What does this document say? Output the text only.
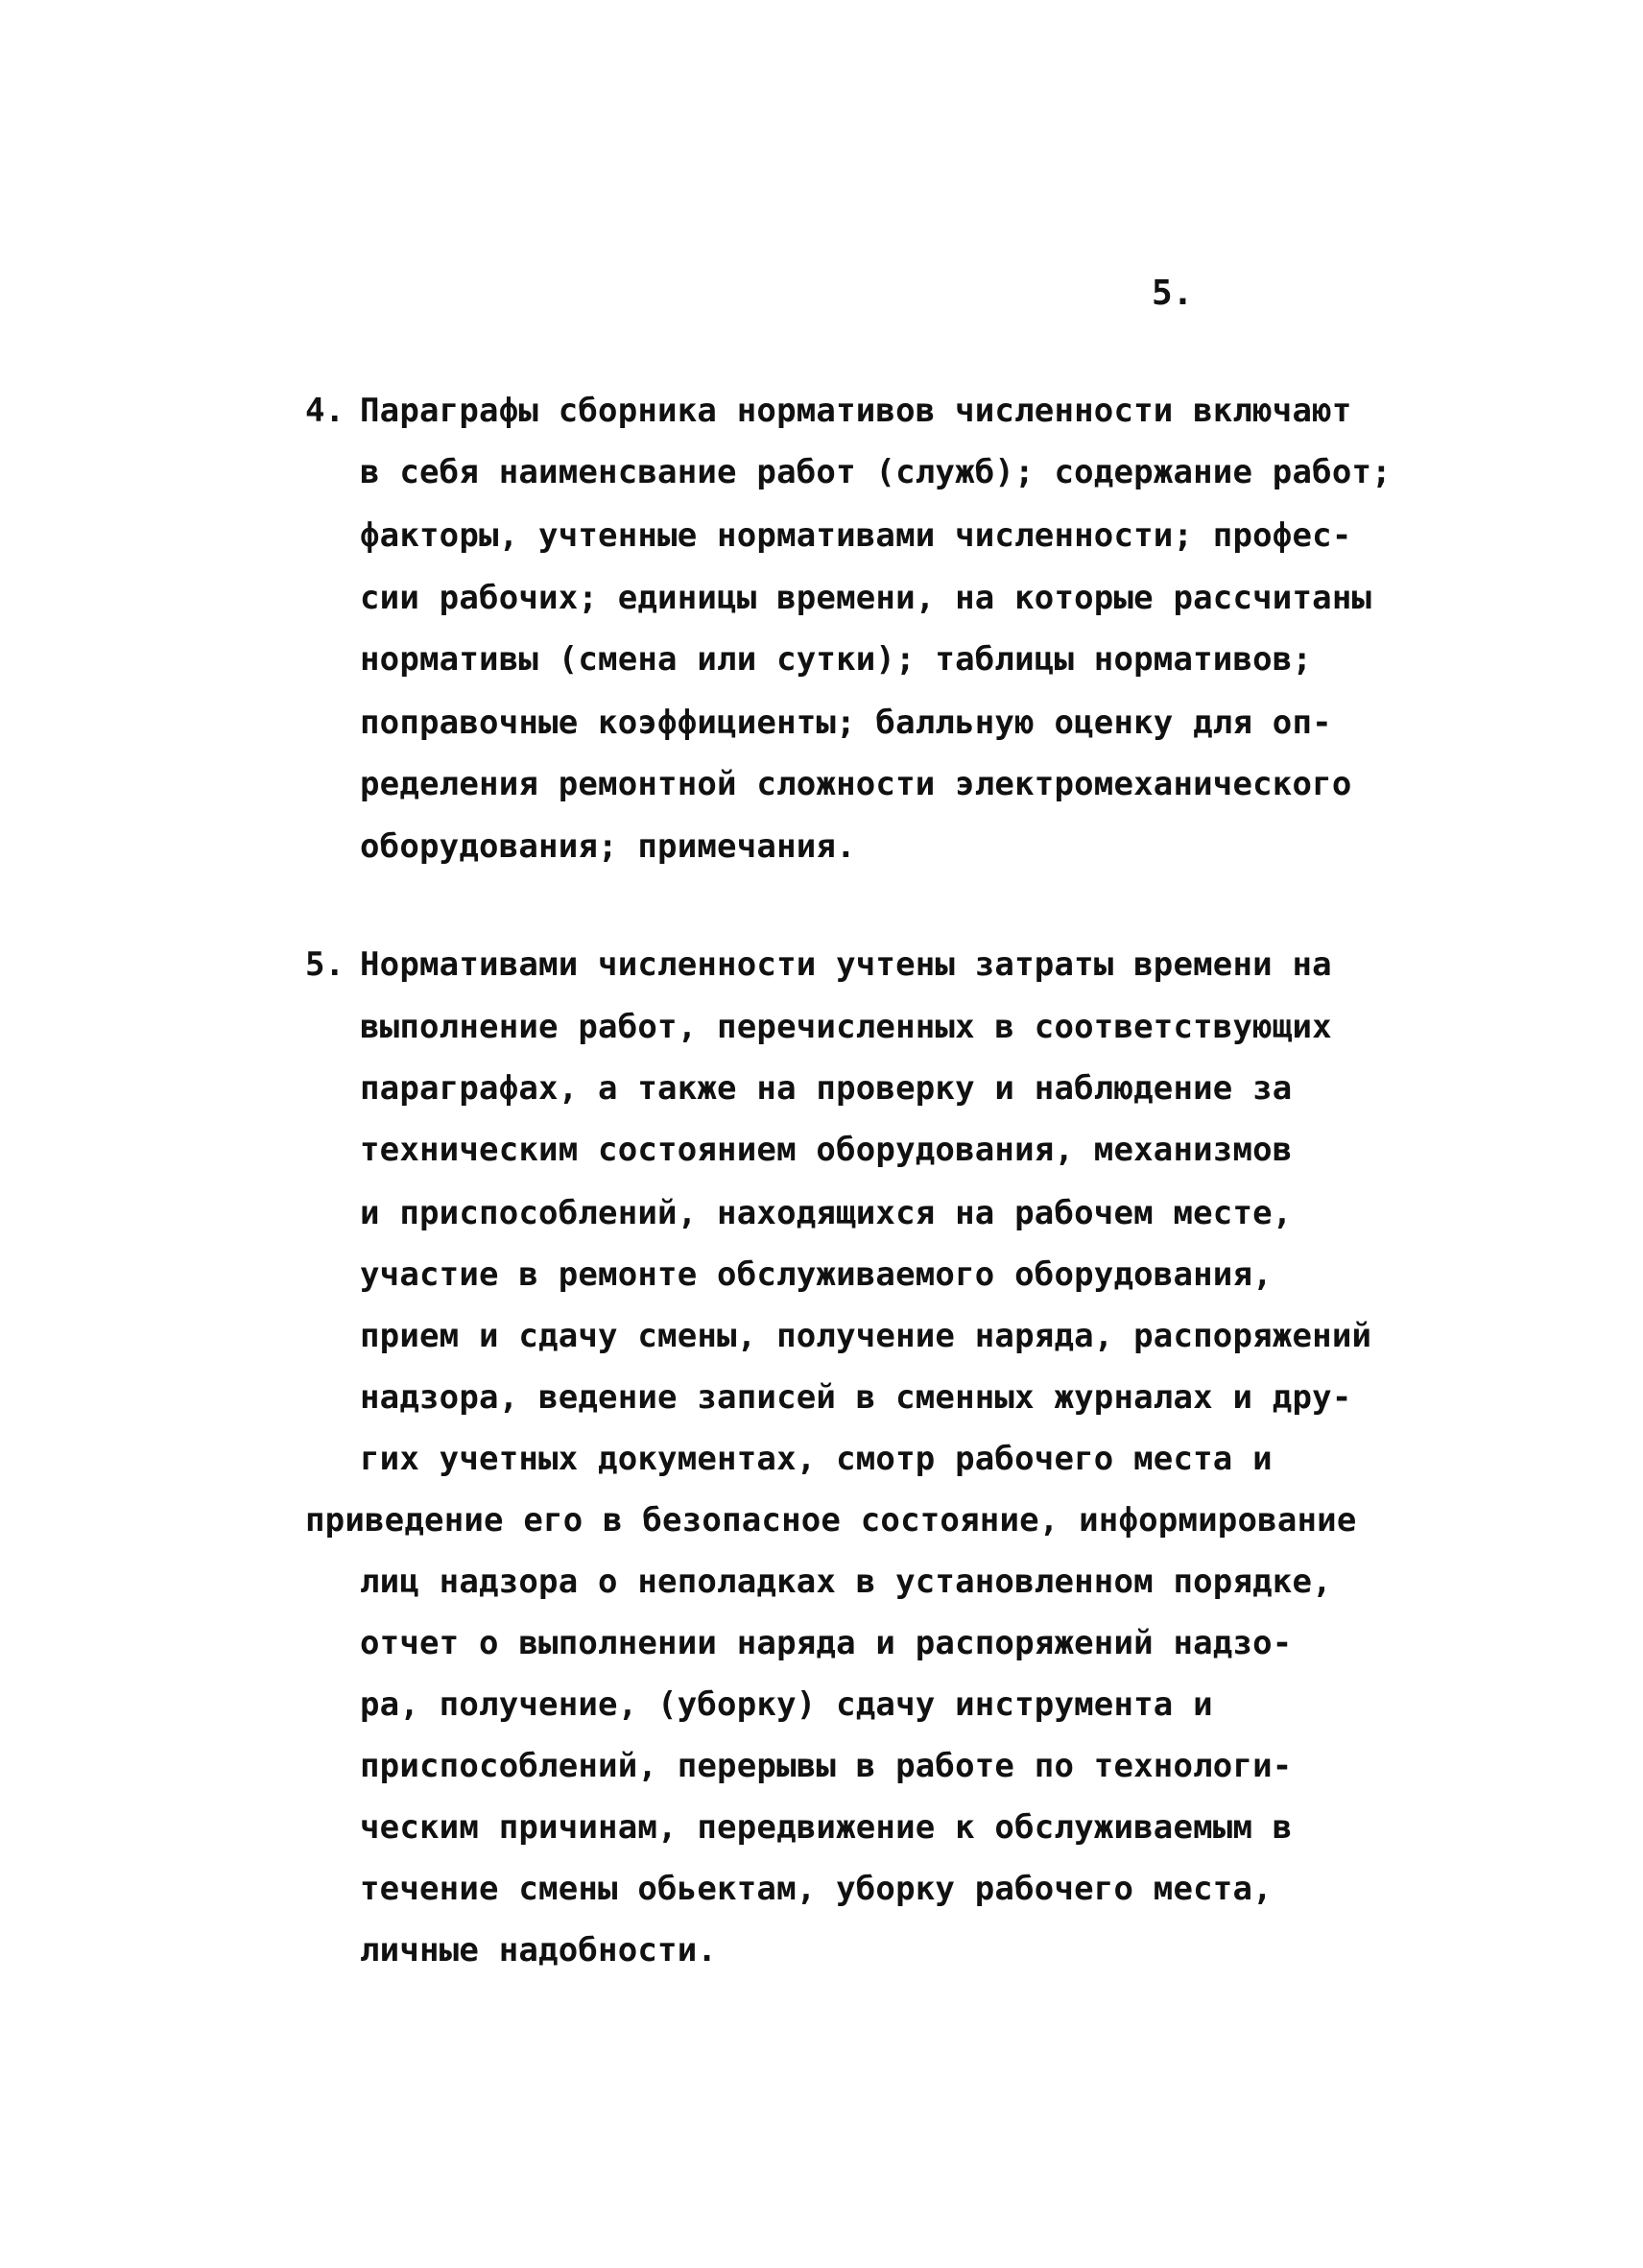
5.
4. Параграфы сборника нормативов численности включают
в себя наименсвание работ (служб); содержание работ;
факторы, учтенные нормативами численности; профес-
сии рабочих; единицы времени, на которые рассчитаны
нормативы (смена или сутки); таблицы нормативов;
поправочные коэффициенты; балльную оценку для оп-
ределения ремонтной сложности электромеханического
оборудования; примечания.
5. Нормативами численности учтены затраты времени на
выполнение работ, перечисленных в соответствующих
параграфах, а также на проверку и наблюдение за
техническим состоянием оборудования, механизмов
и приспособлений, находящихся на рабочем месте,
участие в ремонте обслуживаемого оборудования,
прием и сдачу смены, получение наряда, распоряжений
надзора, ведение записей в сменных журналах и дру-
гих учетных документах, смотр рабочего места и
приведение его в безопасное состояние, информирование
лиц надзора о неполадках в установленном порядке,
отчет о выполнении наряда и распоряжений надзо-
ра, получение, (уборку) сдачу инструмента и
приспособлений, перерывы в работе по технологи-
ческим причинам, передвижение к обслуживаемым в
течение смены обьектам, уборку рабочего места,
личные надобности.
